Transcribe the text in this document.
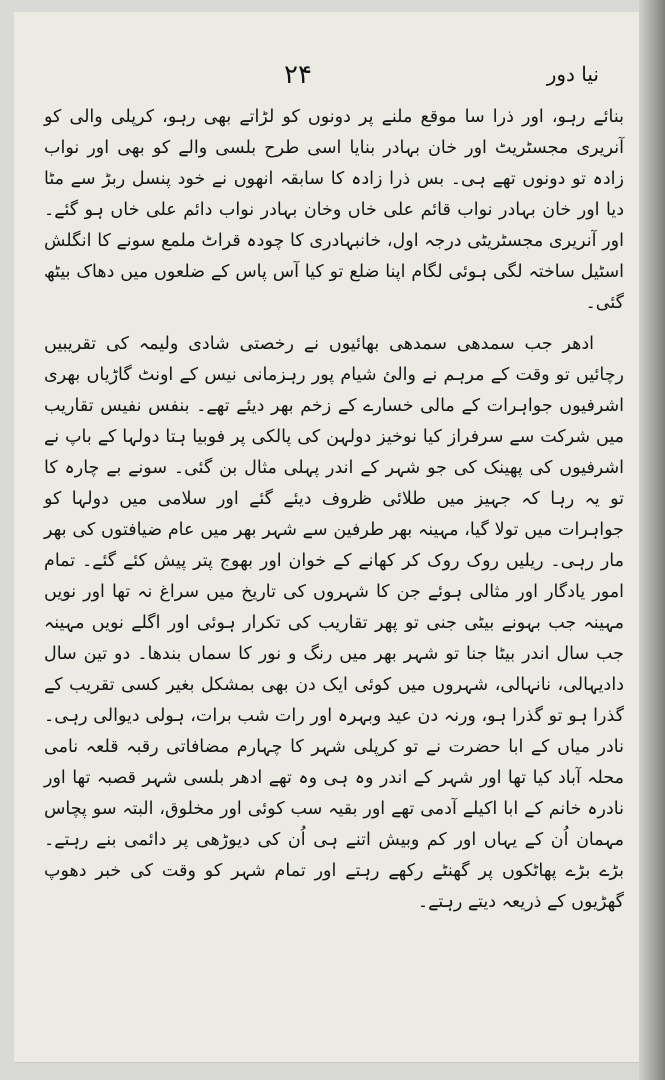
۲۴	نیا دور

بنائے رہو، اور ذرا سا موقع ملنے پر دونوں کو لڑاتے بھی رہو، کرپلی والی کو آنریری مجسٹریٹ اور خان بہادر بنایا اسی طرح بلسی والے کو بھی اور نواب زادہ تو دونوں تھے ہی۔ بس ذرا زادہ کا سابقہ انھوں نے خود پنسل ربڑ سے مٹا دیا اور خان بہادر نواب قائم علی خاں وخان بہادر نواب دائم علی خاں ہو گئے۔ اور آنریری مجسٹریٹی درجہ اول، خانبہادری کا چودہ قراٹ ملمع سونے کا انگلش اسٹیل ساختہ لگی ہوئی لگام اپنا ضلع تو کیا آس پاس کے ضلعوں میں دھاک بیٹھ گئی۔

ادھر جب سمدھی سمدھی بھائیوں نے رخصتی شادی ولیمہ کی تقریبیں رچائیں تو وقت کے مرہم نے والئ شیام پور رہزمانی نیس کے اونٹ گاڑیاں بھری اشرفیوں جواہرات کے مالی خسارے کے زخم بھر دیئے تھے۔ بنفس نفیس تقاریب میں شرکت سے سرفراز کیا نوخیز دولہن کی پالکی پر فوبیا ہتا دولہا کے باپ نے اشرفیوں کی پھینک کی جو شہر کے اندر پہلی مثال بن گئی۔ سونے بے چارہ کا تو یہ رہا کہ جہیز میں طلائی ظروف دیئے گئے اور سلامی میں دولہا کو جواہرات میں تولا گیا، مہینہ بھر طرفین سے شہر بھر میں عام ضیافتوں کی بھر مار رہی۔ ریلیں روک روک کر کھانے کے خوان اور بھوج پتر پیش کئے گئے۔ تمام امور یادگار اور مثالی ہوئے جن کا شہروں کی تاریخ میں سراغ نہ تھا اور نویں مہینہ جب بہونے بیٹی جنی تو پھر تقاریب کی تکرار ہوئی اور اگلے نویں مہینہ جب سال اندر بیٹا جنا تو شہر بھر میں رنگ و نور کا سماں بندھا۔ دو تین سال دادیہالی، نانہالی، شہروں میں کوئی ایک دن بھی بمشکل بغیر کسی تقریب کے گذرا ہو تو گذرا ہو، ورنہ دن عید وبہرہ اور رات شب برات، ہولی دیوالی رہی۔ نادر میاں کے ابا حضرت نے تو کرپلی شہر کا چہارم مضافاتی رقبہ قلعہ نامی محلہ آباد کیا تھا اور شہر کے اندر وہ ہی وہ تھے ادھر بلسی شہر قصبہ تھا اور نادرہ خانم کے ابا اکیلے آدمی تھے اور بقیہ سب کوئی اور مخلوق، البتہ سو پچاس مہمان اُن کے یہاں اور کم وبیش اتنے ہی اُن کی دیوڑھی پر دائمی بنے رہتے۔ بڑے بڑے پھاٹکوں پر گھنٹے رکھے رہتے اور تمام شہر کو وقت کی خبر دھوپ گھڑیوں کے ذریعہ دیتے رہتے۔
